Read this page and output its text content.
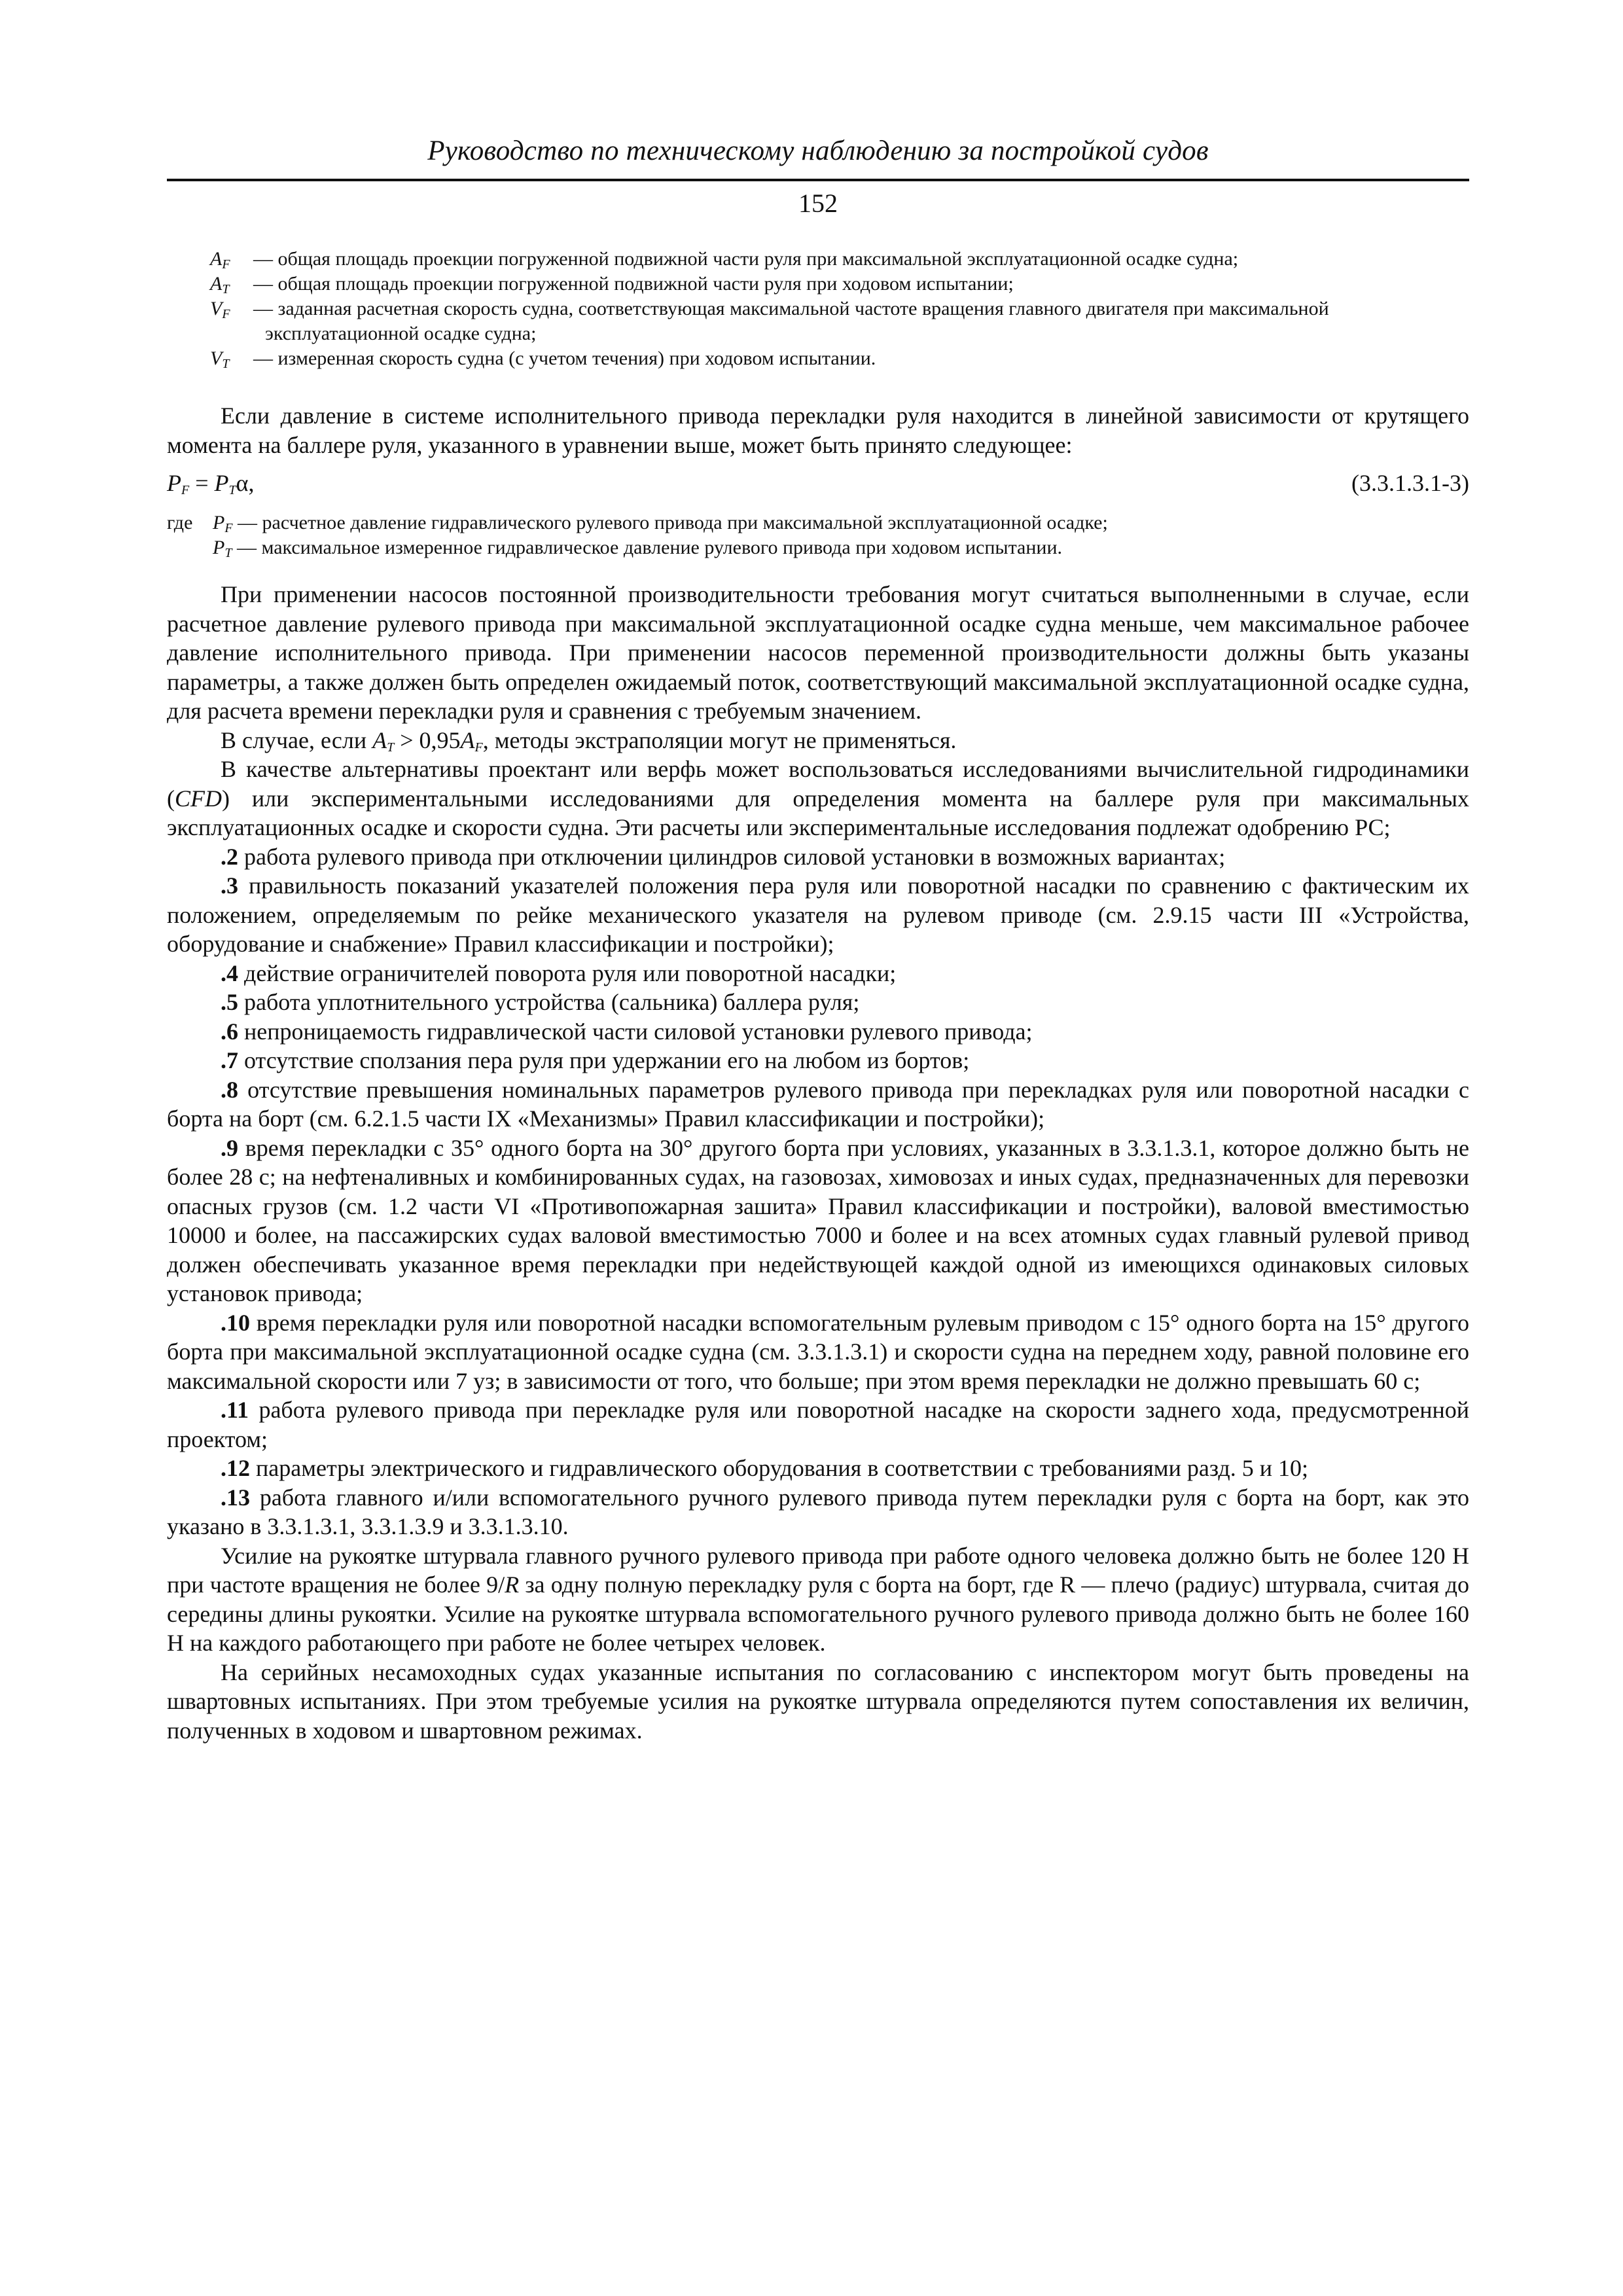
Руководство по техническому наблюдению за постройкой судов

152

$A_F$	— общая площадь проекции погруженной подвижной части руля при максимальной эксплуатационной осадке судна;
$A_T$	— общая площадь проекции погруженной подвижной части руля при ходовом испытании;
$V_F$	— заданная расчетная скорость судна, соответствующая максимальной частоте вращения главного двигателя при максимальной

эксплуатационной осадке судна;

$V_T$	— измеренная скорость судна (с учетом течения) при ходовом испытании.

Если давление в системе исполнительного привода перекладки руля находится в линейной зависимости от крутящего момента на баллере руля, указанного в уравнении выше, может быть принято следующее:

$P_F = P_T\alpha$,	(3.3.1.3.1-3)
где	$P_F$ — расчетное давление гидравлического рулевого привода при максимальной эксплуатационной осадке;
$P_T$ — максимальное измеренное гидравлическое давление рулевого привода при ходовом испытании.

При применении насосов постоянной производительности требования могут считаться выполненными в случае, если расчетное давление рулевого привода при максимальной эксплуатационной осадке судна меньше, чем максимальное рабочее давление исполнительного привода. При применении насосов переменной производительности должны быть указаны параметры, а также должен быть определен ожидаемый поток, соответствующий максимальной эксплуатационной осадке судна, для расчета времени перекладки руля и сравнения с требуемым значением.

В случае, если $A_T > 0,95A_F$, методы экстраполяции могут не применяться.

В качестве альтернативы проектант или верфь может воспользоваться исследованиями вычислительной гидродинамики (CFD) или экспериментальными исследованиями для определения момента на баллере руля при максимальных эксплуатационных осадке и скорости судна. Эти расчеты или экспериментальные исследования подлежат одобрению РС;

.2 работа рулевого привода при отключении цилиндров силовой установки в возможных вариантах;

.3 правильность показаний указателей положения пера руля или поворотной насадки по сравнению с фактическим их положением, определяемым по рейке механического указателя на рулевом приводе (см. 2.9.15 части III «Устройства, оборудование и снабжение» Правил классификации и постройки);

.4 действие ограничителей поворота руля или поворотной насадки;

.5 работа уплотнительного устройства (сальника) баллера руля;

.6 непроницаемость гидравлической части силовой установки рулевого привода;

.7 отсутствие сползания пера руля при удержании его на любом из бортов;

.8 отсутствие превышения номинальных параметров рулевого привода при перекладках руля или поворотной насадки с борта на борт (см. 6.2.1.5 части IX «Механизмы» Правил классификации и постройки);

.9 время перекладки с 35° одного борта на 30° другого борта при условиях, указанных в 3.3.1.3.1, которое должно быть не более 28 с; на нефтеналивных и комбинированных судах, на газовозах, химовозах и иных судах, предназначенных для перевозки опасных грузов (см. 1.2 части VI «Противопожарная зашита» Правил классификации и постройки), валовой вместимостью 10000 и более, на пассажирских судах валовой вместимостью 7000 и более и на всех атомных судах главный рулевой привод должен обеспечивать указанное время перекладки при недействующей каждой одной из имеющихся одинаковых силовых установок привода;

.10 время перекладки руля или поворотной насадки вспомогательным рулевым приводом с 15° одного борта на 15° другого борта при максимальной эксплуатационной осадке судна (см. 3.3.1.3.1) и скорости судна на переднем ходу, равной половине его максимальной скорости или 7 уз; в зависимости от того, что больше; при этом время перекладки не должно превышать 60 с;

.11 работа рулевого привода при перекладке руля или поворотной насадке на скорости заднего хода, предусмотренной проектом;

.12 параметры электрического и гидравлического оборудования в соответствии с требованиями разд. 5 и 10;

.13 работа главного и/или вспомогательного ручного рулевого привода путем перекладки руля с борта на борт, как это указано в 3.3.1.3.1, 3.3.1.3.9 и 3.3.1.3.10.

Усилие на рукоятке штурвала главного ручного рулевого привода при работе одного человека должно быть не более 120 Н при частоте вращения не более 9/R за одну полную перекладку руля с борта на борт, где R — плечо (радиус) штурвала, считая до середины длины рукоятки. Усилие на рукоятке штурвала вспомогательного ручного рулевого привода должно быть не более 160 Н на каждого работающего при работе не более четырех человек.

На серийных несамоходных судах указанные испытания по согласованию с инспектором могут быть проведены на швартовных испытаниях. При этом требуемые усилия на рукоятке штурвала определяются путем сопоставления их величин, полученных в ходовом и швартовном режимах.
